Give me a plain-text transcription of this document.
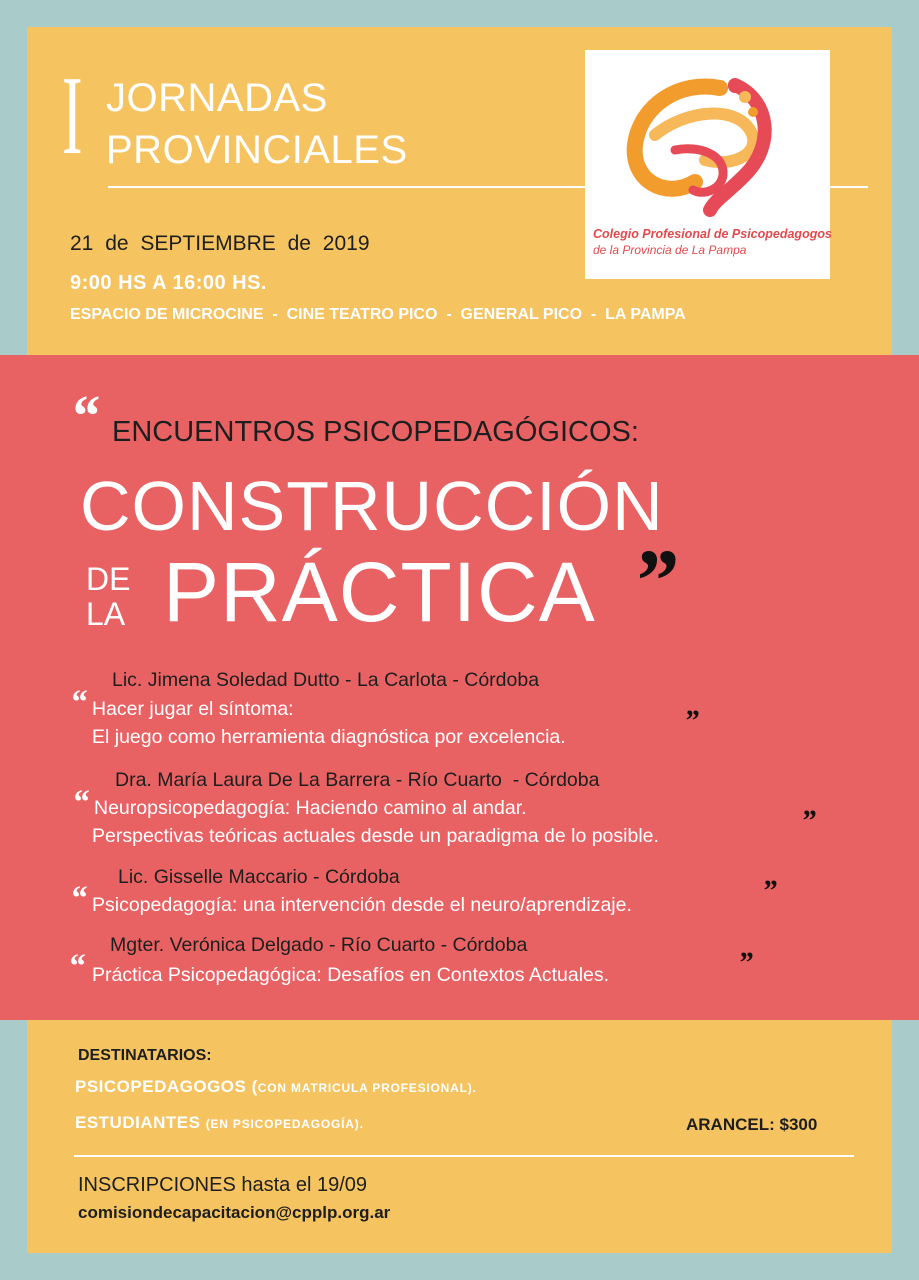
I JORNADAS
PROVINCIALES
Colegio Profesional de Psicopedagogos
de la Provincia de La Pampa
21 de SEPTIEMBRE de 2019
9:00 HS A 16:00 HS.
ESPACIO DE MICROCINE  -  CINE TEATRO PICO  -  GENERAL PICO  -  LA PAMPA
“ ENCUENTROS PSICOPEDAGÓGICOS:
CONSTRUCCIÓN
DE
LA PRÁCTICA ”
Lic. Jimena Soledad Dutto - La Carlota - Córdoba
“ Hacer jugar el síntoma:
El juego como herramienta diagnóstica por excelencia.	”
Dra. María Laura De La Barrera - Río Cuarto  - Córdoba
“ Neuropsicopedagogía: Haciendo camino al andar.
Perspectivas teóricas actuales desde un paradigma de lo posible.	”
Lic. Gisselle Maccario - Córdoba
“ Psicopedagogía: una intervención desde el neuro/aprendizaje.	”
Mgter. Verónica Delgado - Río Cuarto - Córdoba
“ Práctica Psicopedagógica: Desafíos en Contextos Actuales.	”
DESTINATARIOS:
PSICOPEDAGOGOS (CON MATRICULA PROFESIONAL).
ESTUDIANTES (EN PSICOPEDAGOGÍA).	ARANCEL: $300
INSCRIPCIONES hasta el 19/09
comisiondecapacitacion@cpplp.org.ar
